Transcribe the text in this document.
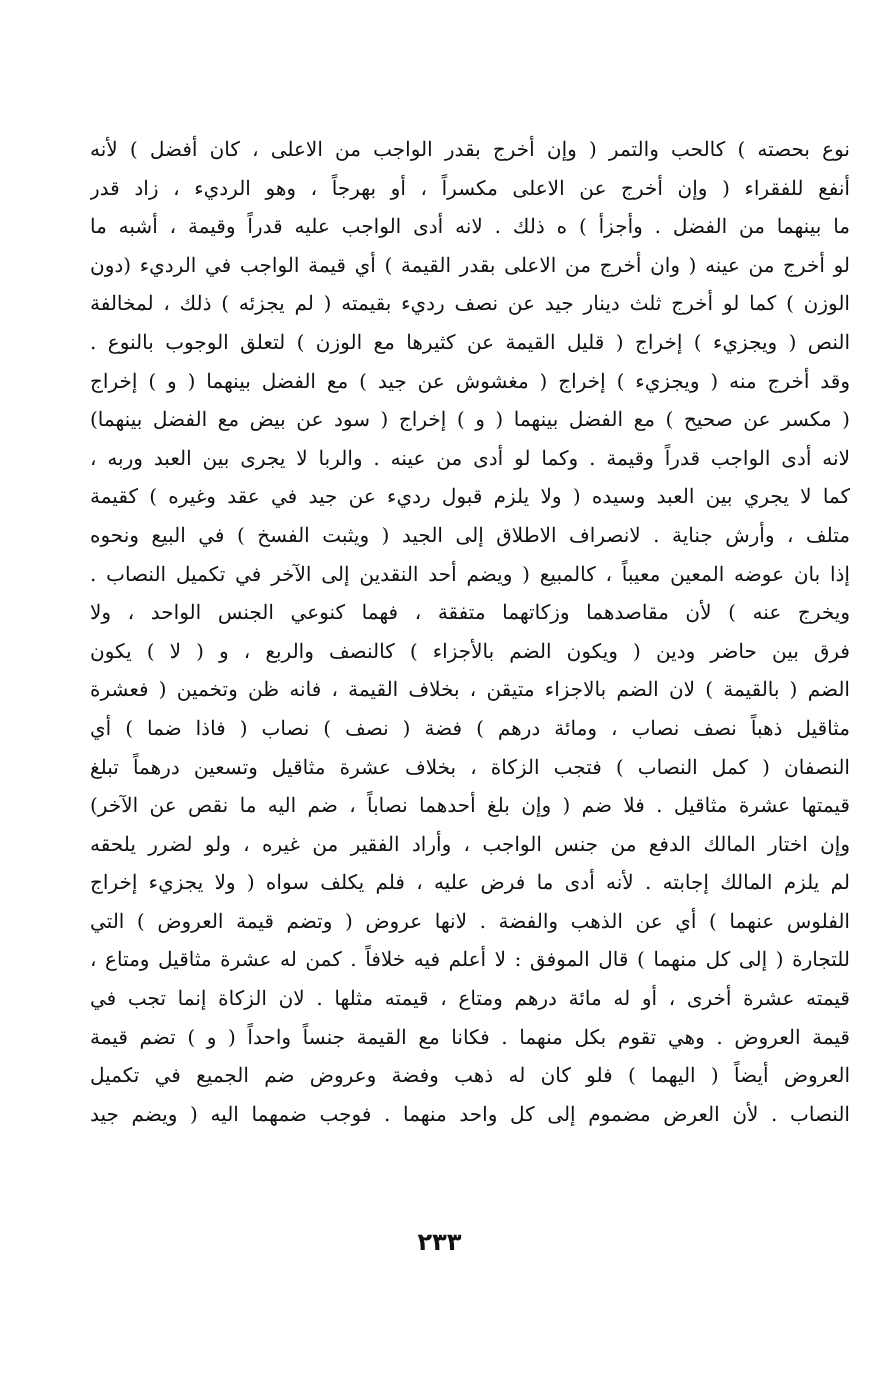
نوع بحصته ) كالحب والتمر ( وإن أخرج بقدر الواجب من الاعلى ، كان أفضل ) لأنه
أنفع للفقراء ( وإن أخرج عن الاعلى مكسراً ، أو بهرجاً ، وهو الرديء ، زاد قدر
ما بينهما من الفضل . وأجزأ ) ه ذلك . لانه أدى الواجب عليه قدراً وقيمة ، أشبه ما
لو أخرج من عينه ( وان أخرج من الاعلى بقدر القيمة ) أي قيمة الواجب في الرديء (دون
الوزن ) كما لو أخرج ثلث دينار جيد عن نصف رديء بقيمته ( لم يجزئه ) ذلك ، لمخالفة
النص ( ويجزيء ) إخراج ( قليل القيمة عن كثيرها مع الوزن ) لتعلق الوجوب بالنوع .
وقد أخرج منه ( ويجزيء ) إخراج ( مغشوش عن جيد ) مع الفضل بينهما ( و ) إخراج
( مكسر عن صحيح ) مع الفضل بينهما ( و ) إخراج ( سود عن بيض مع الفضل بينهما)
لانه أدى الواجب قدراً وقيمة . وكما لو أدى من عينه . والربا لا يجرى بين العبد وربه ،
كما لا يجري بين العبد وسيده ( ولا يلزم قبول رديء عن جيد في عقد وغيره ) كقيمة
متلف ، وأرش جناية . لانصراف الاطلاق إلى الجيد ( ويثبت الفسخ ) في البيع ونحوه
إذا بان عوضه المعين معيباً ، كالمبيع ( ويضم أحد النقدين إلى الآخر في تكميل النصاب .
ويخرج عنه ) لأن مقاصدهما وزكاتهما متفقة ، فهما كنوعي الجنس الواحد ، ولا
فرق بين حاضر ودين ( ويكون الضم بالأجزاء ) كالنصف والربع ، و ( لا ) يكون
الضم ( بالقيمة ) لان الضم بالاجزاء متيقن ، بخلاف القيمة ، فانه ظن وتخمين ( فعشرة
مثاقيل ذهباً نصف نصاب ، ومائة درهم ) فضة ( نصف ) نصاب ( فاذا ضما ) أي
النصفان ( كمل النصاب ) فتجب الزكاة ، بخلاف عشرة مثاقيل وتسعين درهماً تبلغ
قيمتها عشرة مثاقيل . فلا ضم ( وإن بلغ أحدهما نصاباً ، ضم اليه ما نقص عن الآخر)
وإن اختار المالك الدفع من جنس الواجب ، وأراد الفقير من غيره ، ولو لضرر يلحقه
لم يلزم المالك إجابته . لأنه أدى ما فرض عليه ، فلم يكلف سواه ( ولا يجزيء إخراج
الفلوس عنهما ) أي عن الذهب والفضة . لانها عروض ( وتضم قيمة العروض ) التي
للتجارة ( إلى كل منهما ) قال الموفق : لا أعلم فيه خلافاً . كمن له عشرة مثاقيل ومتاع ،
قيمته عشرة أخرى ، أو له مائة درهم ومتاع ، قيمته مثلها . لان الزكاة إنما تجب في
قيمة العروض . وهي تقوم بكل منهما . فكانا مع القيمة جنساً واحداً ( و ) تضم قيمة
العروض أيضاً ( اليهما ) فلو كان له ذهب وفضة وعروض ضم الجميع في تكميل
النصاب . لأن العرض مضموم إلى كل واحد منهما . فوجب ضمهما اليه ( ويضم جيد
٢٣٣
